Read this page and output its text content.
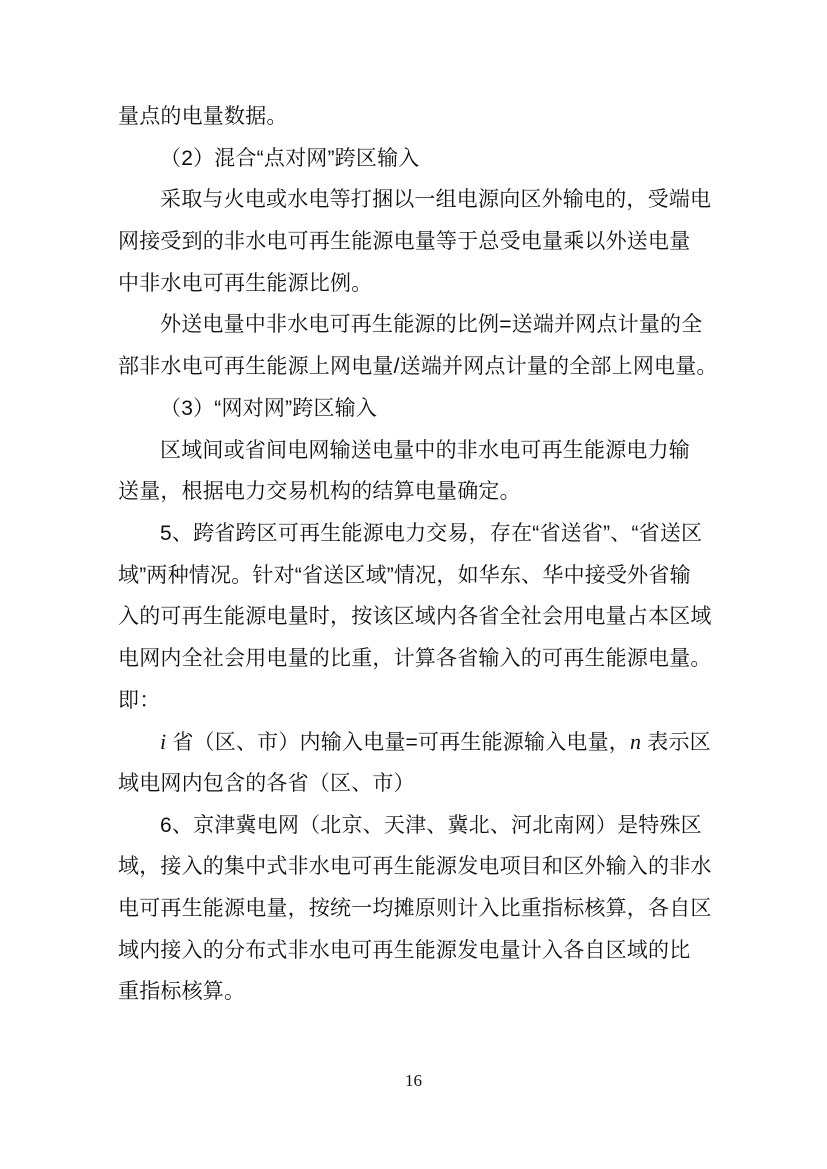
量点的电量数据。
（2）混合“点对网”跨区输入
采取与火电或水电等打捆以一组电源向区外输电的，受端电
网接受到的非水电可再生能源电量等于总受电量乘以外送电量
中非水电可再生能源比例。
外送电量中非水电可再生能源的比例=送端并网点计量的全
部非水电可再生能源上网电量/送端并网点计量的全部上网电量。
（3）“网对网”跨区输入
区域间或省间电网输送电量中的非水电可再生能源电力输
送量，根据电力交易机构的结算电量确定。
5、跨省跨区可再生能源电力交易，存在“省送省”、“省送区
域”两种情况。针对“省送区域”情况，如华东、华中接受外省输
入的可再生能源电量时，按该区域内各省全社会用电量占本区域
电网内全社会用电量的比重，计算各省输入的可再生能源电量。
即：
i 省（区、市）内输入电量=可再生能源输入电量，n 表示区
域电网内包含的各省（区、市）
6、京津冀电网（北京、天津、冀北、河北南网）是特殊区
域，接入的集中式非水电可再生能源发电项目和区外输入的非水
电可再生能源电量，按统一均摊原则计入比重指标核算，各自区
域内接入的分布式非水电可再生能源发电量计入各自区域的比
重指标核算。
16
